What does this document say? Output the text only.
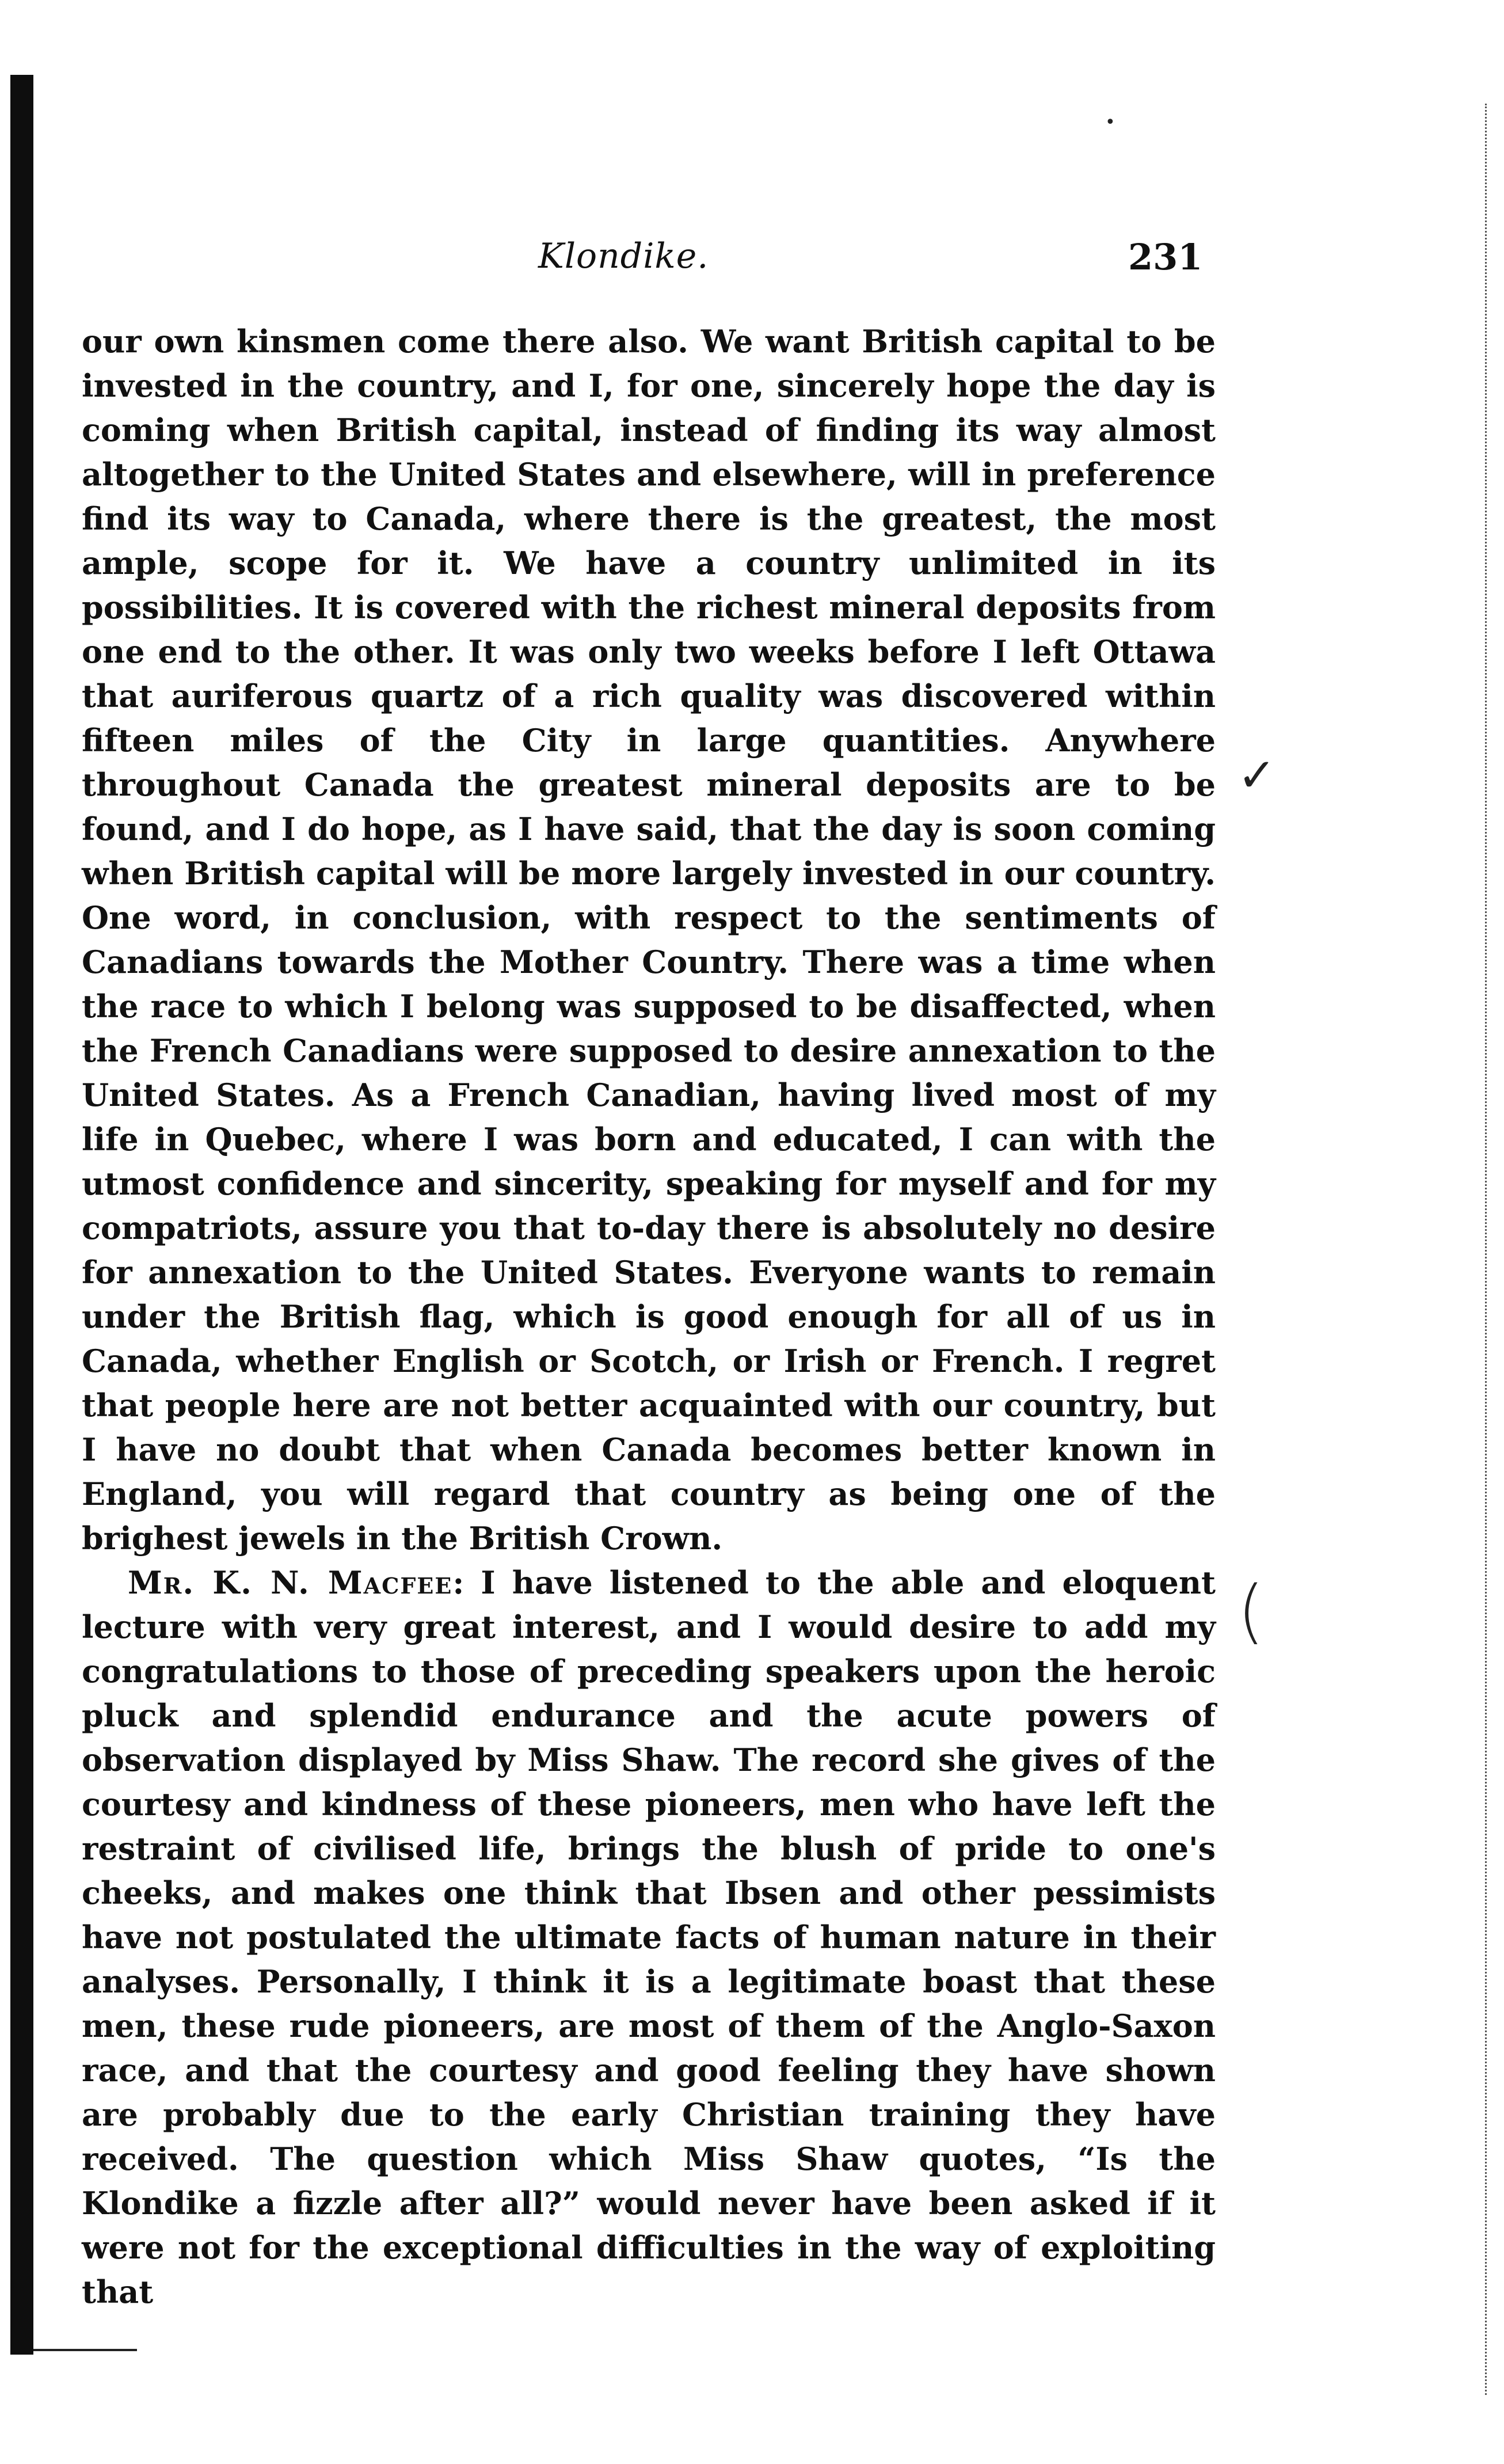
•
✓
(
Klondike.	231

our own kinsmen come there also. We want British capital to be invested in the country, and I, for one, sincerely hope the day is coming when British capital, instead of finding its way almost altogether to the United States and elsewhere, will in preference find its way to Canada, where there is the greatest, the most ample, scope for it. We have a country unlimited in its possibilities. It is covered with the richest mineral deposits from one end to the other. It was only two weeks before I left Ottawa that auriferous quartz of a rich quality was discovered within fifteen miles of the City in large quantities. Anywhere throughout Canada the greatest mineral deposits are to be found, and I do hope, as I have said, that the day is soon coming when British capital will be more largely invested in our country. One word, in conclusion, with respect to the sentiments of Canadians towards the Mother Country. There was a time when the race to which I belong was supposed to be disaffected, when the French Canadians were supposed to desire annexation to the United States. As a French Canadian, having lived most of my life in Quebec, where I was born and educated, I can with the utmost confidence and sincerity, speaking for myself and for my compatriots, assure you that to-day there is absolutely no desire for annexation to the United States. Everyone wants to remain under the British flag, which is good enough for all of us in Canada, whether English or Scotch, or Irish or French. I regret that people here are not better acquainted with our country, but I have no doubt that when Canada becomes better known in England, you will regard that country as being one of the brighest jewels in the British Crown.

Mr. K. N. Macfee: I have listened to the able and eloquent lecture with very great interest, and I would desire to add my congratulations to those of preceding speakers upon the heroic pluck and splendid endurance and the acute powers of observation displayed by Miss Shaw. The record she gives of the courtesy and kindness of these pioneers, men who have left the restraint of civilised life, brings the blush of pride to one's cheeks, and makes one think that Ibsen and other pessimists have not postulated the ultimate facts of human nature in their analyses. Personally, I think it is a legitimate boast that these men, these rude pioneers, are most of them of the Anglo-Saxon race, and that the courtesy and good feeling they have shown are probably due to the early Christian training they have received. The question which Miss Shaw quotes, “Is the Klondike a fizzle after all?” would never have been asked if it were not for the exceptional difficulties in the way of exploiting that
